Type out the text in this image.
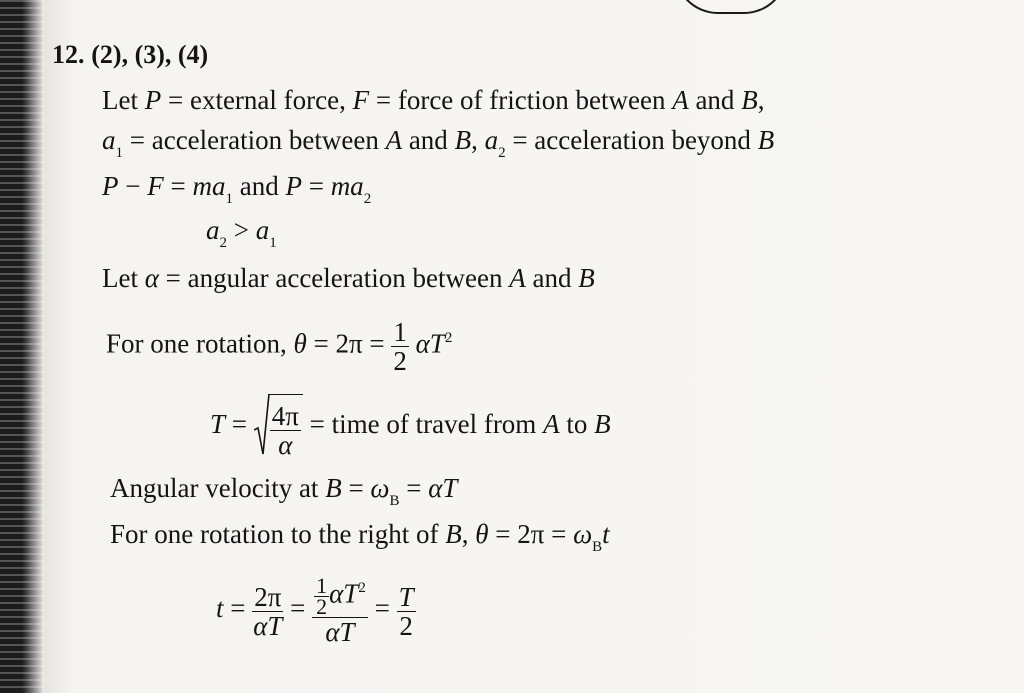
12. (2), (3), (4)
Let P = external force, F = force of friction between A and B,
$a_1$ = acceleration between A and B, $a_2$ = acceleration beyond B
$P - F = ma_1$ and $P = ma_2$
$a_2 > a_1$
Let α = angular acceleration between A and B
For one rotation, $\theta = 2\pi = \frac{1}{2} \alpha T^2$
$T = \frac{4\pi}{\alpha}$ = time of travel from A to B
Angular velocity at $B = \omega_B = \alpha T$
For one rotation to the right of B, $\theta = 2\pi = \omega_Bt$
$t = \frac{2\pi}{\alpha T} = \frac{\frac{1}{2} \alpha T^2}{\alpha T} = \frac{T}{2}$
